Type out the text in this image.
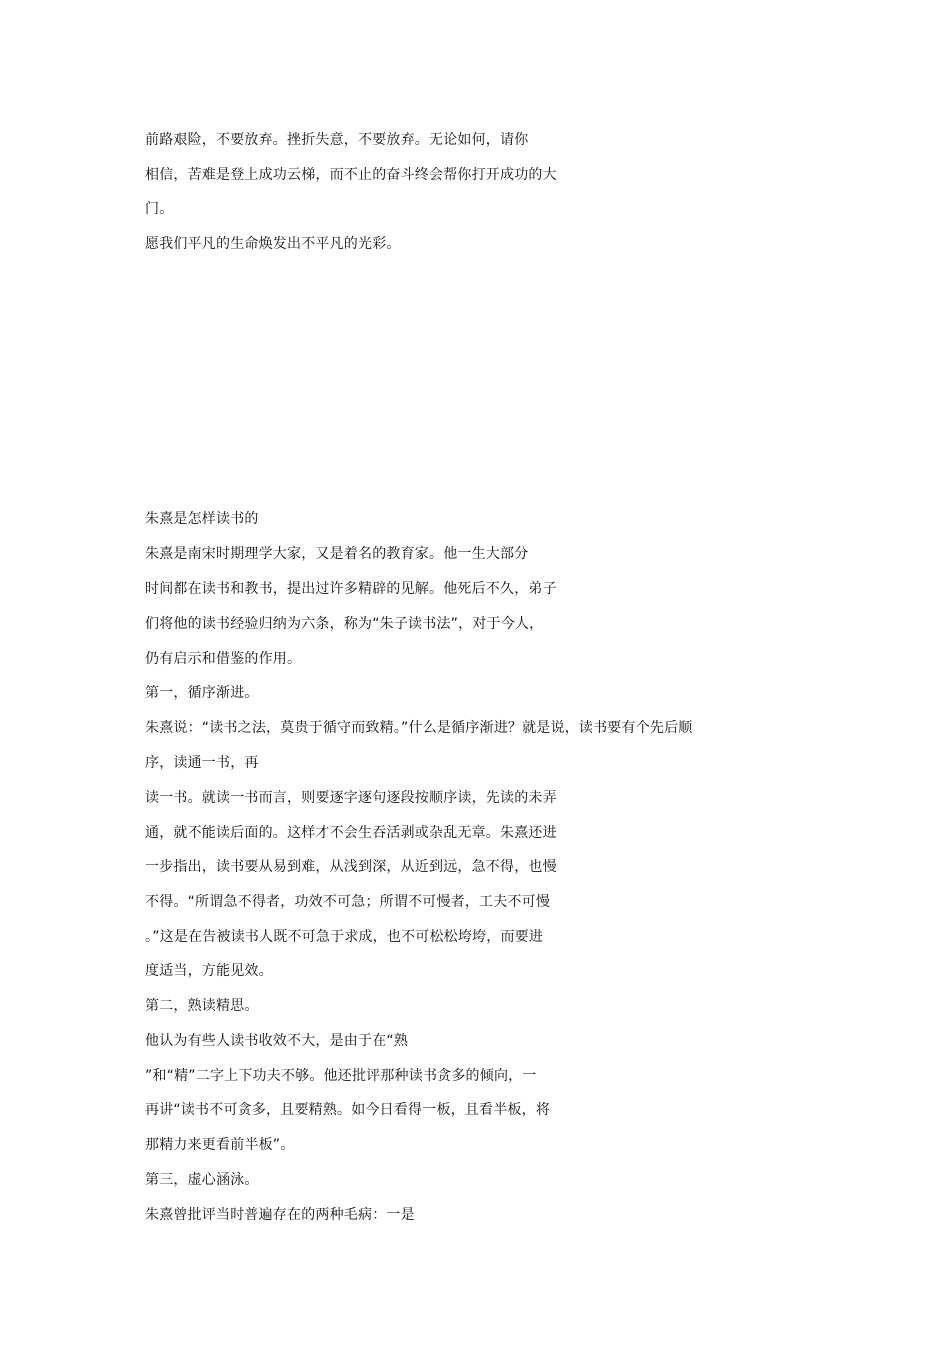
前路艰险，不要放弃。挫折失意，不要放弃。无论如何，请你
相信，苦难是登上成功云梯，而不止的奋斗终会帮你打开成功的大
门。
愿我们平凡的生命焕发出不平凡的光彩。
朱熹是怎样读书的
朱熹是南宋时期理学大家，又是着名的教育家。他一生大部分
时间都在读书和教书，提出过许多精辟的见解。他死后不久，弟子
们将他的读书经验归纳为六条，称为“朱子读书法”，对于今人，
仍有启示和借鉴的作用。
第一，循序渐进。
朱熹说：“读书之法，莫贵于循守而致精。”什么是循序渐进？就是说，读书要有个先后顺
序，读通一书，再
读一书。就读一书而言，则要逐字逐句逐段按顺序读，先读的未弄
通，就不能读后面的。这样才不会生吞活剥或杂乱无章。朱熹还进
一步指出，读书要从易到难，从浅到深，从近到远，急不得，也慢
不得。“所谓急不得者，功效不可急；所谓不可慢者，工夫不可慢
。”这是在告被读书人既不可急于求成，也不可松松垮垮，而要进
度适当，方能见效。
第二，熟读精思。
他认为有些人读书收效不大，是由于在“熟
”和“精”二字上下功夫不够。他还批评那种读书贪多的倾向，一
再讲“读书不可贪多，且要精熟。如今日看得一板，且看半板，将
那精力来更看前半板”。
第三，虚心涵泳。
朱熹曾批评当时普遍存在的两种毛病：一是
